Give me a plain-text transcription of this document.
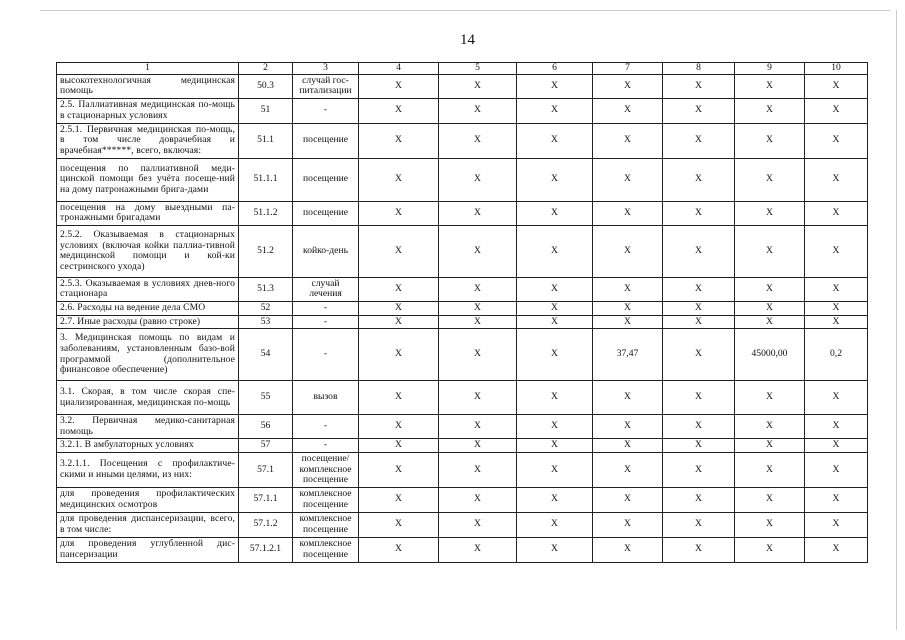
14
1	2	3	4	5	6	7	8	9	10
высокотехнологичная медицинская помощь	50.3	случай гос-питализации	X	X	X	X	X	X	X
2.5. Паллиативная медицинская по-мощь в стационарных условиях	51	-	X	X	X	X	X	X	X
2.5.1. Первичная медицинская по-мощь, в том числе доврачебная и врачебная******, всего, включая:	51.1	посещение	X	X	X	X	X	X	X
посещения по паллиативной меди-цинской помощи без учёта посеще-ний на дому патронажными брига-дами	51.1.1	посещение	X	X	X	X	X	X	X
посещения на дому выездными па-тронажными бригадами	51.1.2	посещение	X	X	X	X	X	X	X
2.5.2. Оказываемая в стационарных условиях (включая койки паллиа-тивной медицинской помощи и кой-ки сестринского ухода)	51.2	койко-день	X	X	X	X	X	X	X
2.5.3. Оказываемая в условиях днев-ного стационара	51.3	случай лечения	X	X	X	X	X	X	X
2.6. Расходы на ведение дела СМО	52	-	X	X	X	X	X	X	X
2.7. Иные расходы (равно строке)	53	-	X	X	X	X	X	X	X
3. Медицинская помощь по видам и заболеваниям, установленным базо-вой программой (дополнительное финансовое обеспечение)	54	-	X	X	X	37,47	X	45000,00	0,2
3.1. Скорая, в том числе скорая спе-циализированная, медицинская по-мощь	55	вызов	X	X	X	X	X	X	X
3.2. Первичная медико-санитарная помощь	56	-	X	X	X	X	X	X	X
3.2.1. В амбулаторных условиях	57	-	X	X	X	X	X	X	X
3.2.1.1. Посещения с профилактиче-скими и иными целями, из них:	57.1	посещение/ комплексное посещение	X	X	X	X	X	X	X
для проведения профилактических медицинских осмотров	57.1.1	комплексное посещение	X	X	X	X	X	X	X
для проведения диспансеризации, всего, в том числе:	57.1.2	комплексное посещение	X	X	X	X	X	X	X
для проведения углубленной дис-пансеризации	57.1.2.1	комплексное посещение	X	X	X	X	X	X	X
